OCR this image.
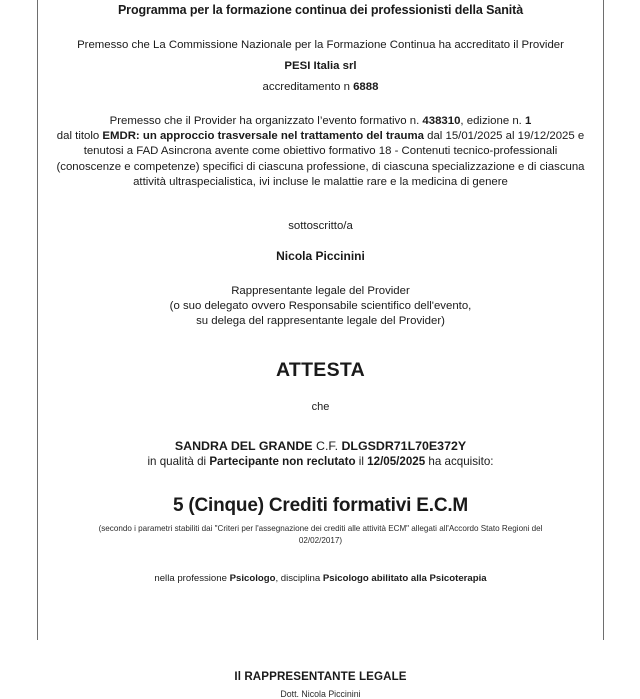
Programma per la formazione continua dei professionisti della Sanità

Premesso che La Commissione Nazionale per la Formazione Continua ha accreditato il Provider

PESI Italia srl

accreditamento n 6888

Premesso che il Provider ha organizzato l’evento formativo n. 438310, edizione n. 1

dal titolo EMDR: un approccio trasversale nel trattamento del trauma dal 15/01/2025 al 19/12/2025 e tenutosi a FAD Asincrona avente come obiettivo formativo 18 - Contenuti tecnico-professionali (conoscenze e competenze) specifici di ciascuna professione, di ciascuna specializzazione e di ciascuna attività ultraspecialistica, ivi incluse le malattie rare e la medicina di genere

sottoscritto/a

Nicola Piccinini

Rappresentante legale del Provider

(o suo delegato ovvero Responsabile scientifico dell'evento,

su delega del rappresentante legale del Provider)

ATTESTA

che

SANDRA DEL GRANDE C.F. DLGSDR71L70E372Y

in qualità di Partecipante non reclutato il 12/05/2025 ha acquisito:

5 (Cinque) Crediti formativi E.C.M

(secondo i parametri stabiliti dai "Criteri per l'assegnazione dei crediti alle attività ECM" allegati all'Accordo Stato Regioni del

02/02/2017)

nella professione Psicologo, disciplina Psicologo abilitato alla Psicoterapia

Il RAPPRESENTANTE LEGALE

Dott. Nicola Piccinini
